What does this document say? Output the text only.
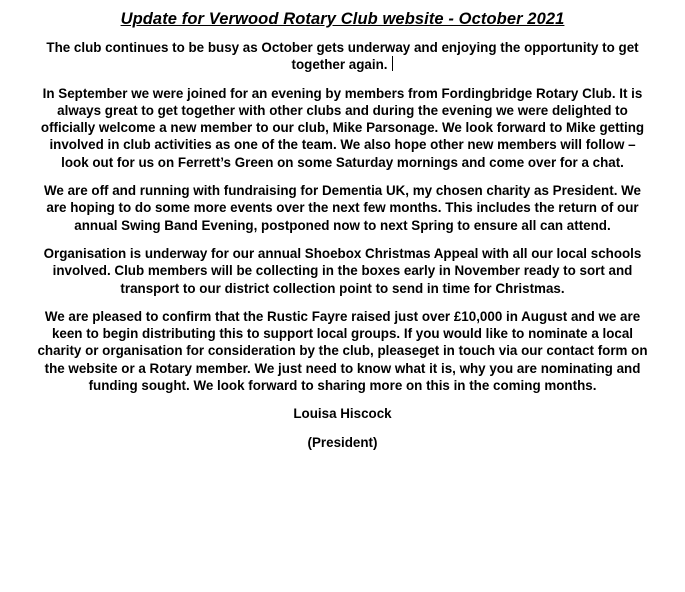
Update for Verwood Rotary Club website - October 2021

The club continues to be busy as October gets underway and enjoying the opportunity to get together again.

In September we were joined for an evening by members from Fordingbridge Rotary Club. It is always great to get together with other clubs and during the evening we were delighted to officially welcome a new member to our club, Mike Parsonage. We look forward to Mike getting involved in club activities as one of the team. We also hope other new members will follow – look out for us on Ferrett’s Green on some Saturday mornings and come over for a chat.

We are off and running with fundraising for Dementia UK, my chosen charity as President. We are hoping to do some more events over the next few months. This includes the return of our annual Swing Band Evening, postponed now to next Spring to ensure all can attend.

Organisation is underway for our annual Shoebox Christmas Appeal with all our local schools involved. Club members will be collecting in the boxes early in November ready to sort and transport to our district collection point to send in time for Christmas.

We are pleased to confirm that the Rustic Fayre raised just over £10,000 in August and we are keen to begin distributing this to support local groups. If you would like to nominate a local charity or organisation for consideration by the club, pleaseget in touch via our contact form on the website or a Rotary member. We just need to know what it is, why you are nominating and funding sought. We look forward to sharing more on this in the coming months.

Louisa Hiscock
(President)
